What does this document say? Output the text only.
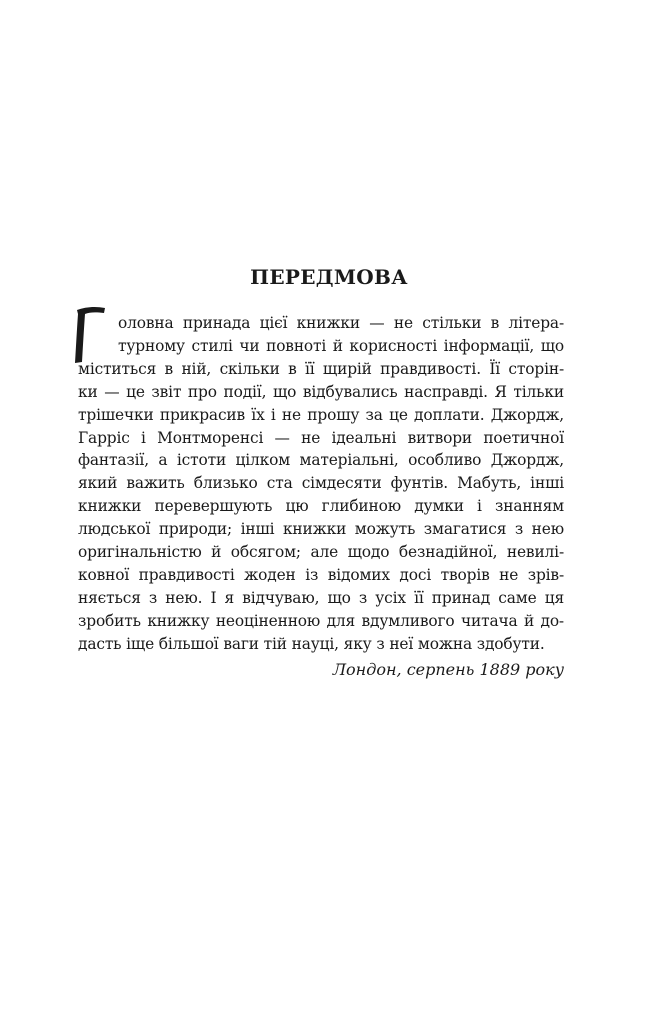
ПЕРЕДМОВА
оловна принада цієї книжки — не стільки в літера-
турному стилі чи повноті й корисності інформації, що
міститься в ній, скільки в її щирій правдивості. Її сторін-
ки — це звіт про події, що відбувались насправді. Я тільки
трішечки прикрасив їх і не прошу за це доплати. Джордж,
Гарріс і Монтморенсі — не ідеальні витвори поетичної
фантазії, а істоти цілком матеріальні, особливо Джордж,
який важить близько ста сімдесяти фунтів. Мабуть, інші
книжки перевершують цю глибиною думки і знанням
людської природи; інші книжки можуть змагатися з нею
оригінальністю й обсягом; але щодо безнадійної, невилі-
ковної правдивості жоден із відомих досі творів не зрів-
няється з нею. І я відчуваю, що з усіх її принад саме ця
зробить книжку неоціненною для вдумливого читача й до-
дасть іще більшої ваги тій науці, яку з неї можна здобути.

Лондон, серпень 1889 року
